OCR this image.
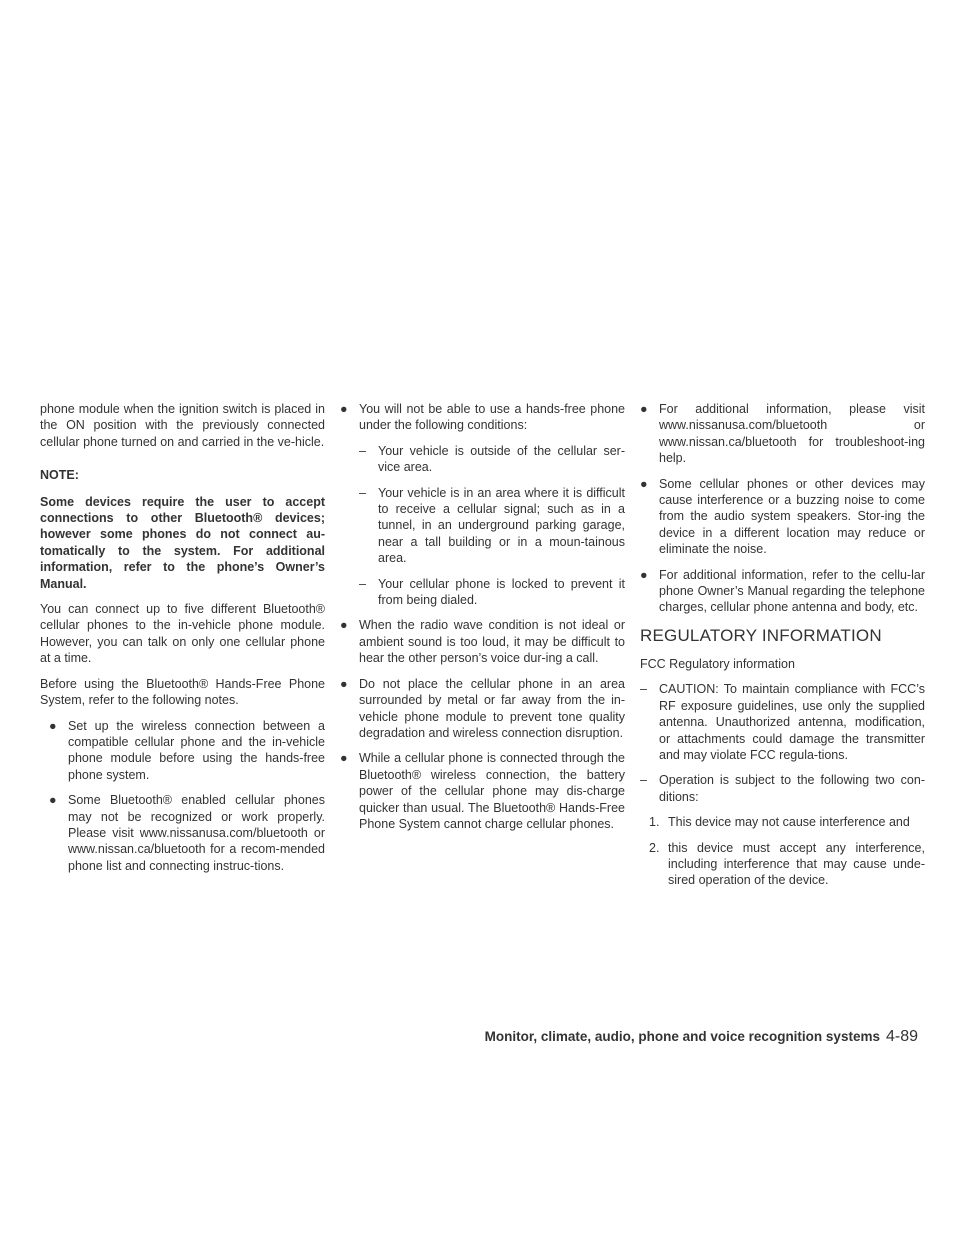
phone module when the ignition switch is placed in the ON position with the previously connected cellular phone turned on and carried in the ve-hicle.

NOTE:

Some devices require the user to accept connections to other Bluetooth® devices; however some phones do not connect au-tomatically to the system. For additional information, refer to the phone’s Owner’s Manual.

You can connect up to five different Bluetooth® cellular phones to the in-vehicle phone module. However, you can talk on only one cellular phone at a time.

Before using the Bluetooth® Hands-Free Phone System, refer to the following notes.

● Set up the wireless connection between a compatible cellular phone and the in-vehicle phone module before using the hands-free phone system.
● Some Bluetooth® enabled cellular phones may not be recognized or work properly. Please visit www.nissanusa.com/bluetooth or www.nissan.ca/bluetooth for a recom-mended phone list and connecting instruc-tions.
● You will not be able to use a hands-free phone under the following conditions:
– Your vehicle is outside of the cellular ser-vice area.
– Your vehicle is in an area where it is difficult to receive a cellular signal; such as in a tunnel, in an underground parking garage, near a tall building or in a moun-tainous area.
– Your cellular phone is locked to prevent it from being dialed.
● When the radio wave condition is not ideal or ambient sound is too loud, it may be difficult to hear the other person’s voice dur-ing a call.
● Do not place the cellular phone in an area surrounded by metal or far away from the in-vehicle phone module to prevent tone quality degradation and wireless connection disruption.
● While a cellular phone is connected through the Bluetooth® wireless connection, the battery power of the cellular phone may dis-charge quicker than usual. The Bluetooth® Hands-Free Phone System cannot charge cellular phones.
● For additional information, please visit www.nissanusa.com/bluetooth or www.nissan.ca/bluetooth for troubleshoot-ing help.
● Some cellular phones or other devices may cause interference or a buzzing noise to come from the audio system speakers. Stor-ing the device in a different location may reduce or eliminate the noise.
● For additional information, refer to the cellu-lar phone Owner’s Manual regarding the telephone charges, cellular phone antenna and body, etc.
REGULATORY INFORMATION

FCC Regulatory information

– CAUTION: To maintain compliance with FCC’s RF exposure guidelines, use only the supplied antenna. Unauthorized antenna, modification, or attachments could damage the transmitter and may violate FCC regula-tions.
– Operation is subject to the following two con-ditions:
1. This device may not cause interference and
2. this device must accept any interference, including interference that may cause unde-sired operation of the device.
Monitor, climate, audio, phone and voice recognition systems 4-89
